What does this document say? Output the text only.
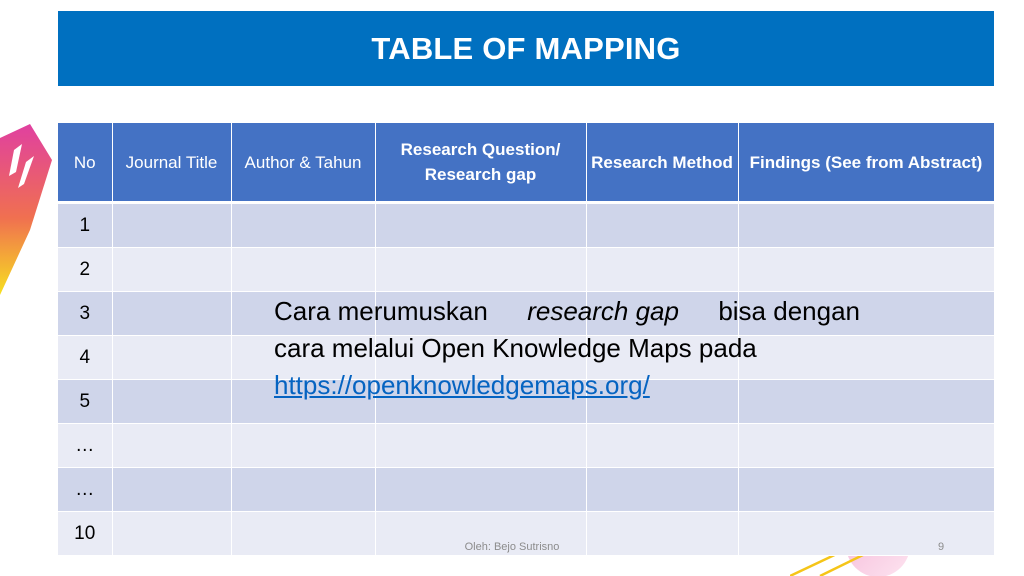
TABLE OF MAPPING
No	Journal Title	Author & Tahun	Research Question/ Research gap	Research Method	Findings (See from Abstract)
1					
2					
3					
4					
5					
…					
…					
10					
Cara merumuskan research gap bisa dengan
cara melalui Open Knowledge Maps pada
https://openknowledgemaps.org/
Oleh: Bejo Sutrisno	9
